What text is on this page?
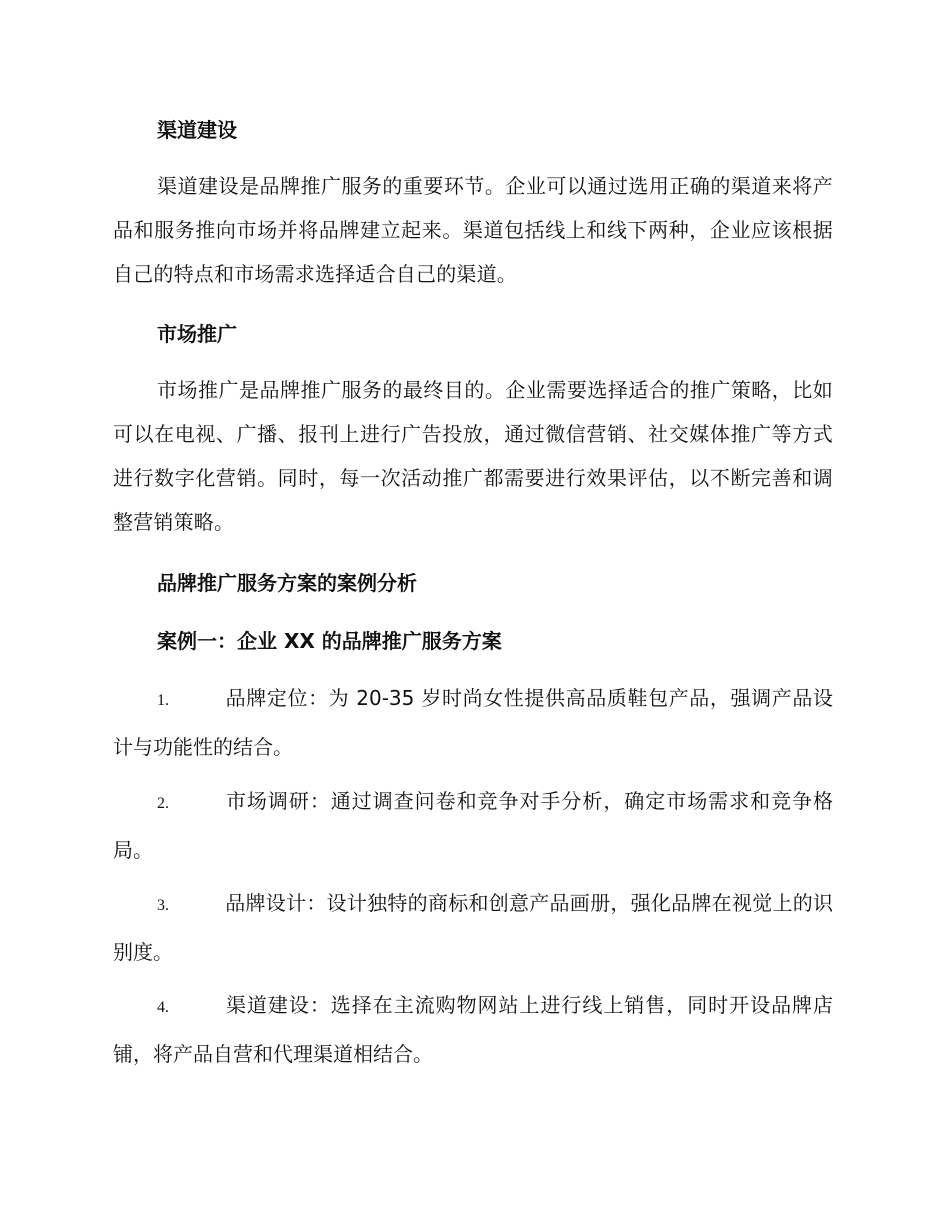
渠道建设

渠道建设是品牌推广服务的重要环节。企业可以通过选用正确的渠道来将产品和服务推向市场并将品牌建立起来。渠道包括线上和线下两种，企业应该根据自己的特点和市场需求选择适合自己的渠道。

市场推广

市场推广是品牌推广服务的最终目的。企业需要选择适合的推广策略，比如可以在电视、广播、报刊上进行广告投放，通过微信营销、社交媒体推广等方式进行数字化营销。同时，每一次活动推广都需要进行效果评估，以不断完善和调整营销策略。

品牌推广服务方案的案例分析
案例一：企业 XX 的品牌推广服务方案

1.	品牌定位：为 20-35 岁时尚女性提供高品质鞋包产品，强调产品设计与功能性的结合。

2.	市场调研：通过调查问卷和竞争对手分析，确定市场需求和竞争格局。

3.	品牌设计：设计独特的商标和创意产品画册，强化品牌在视觉上的识别度。

4.	渠道建设：选择在主流购物网站上进行线上销售，同时开设品牌店铺，将产品自营和代理渠道相结合。
